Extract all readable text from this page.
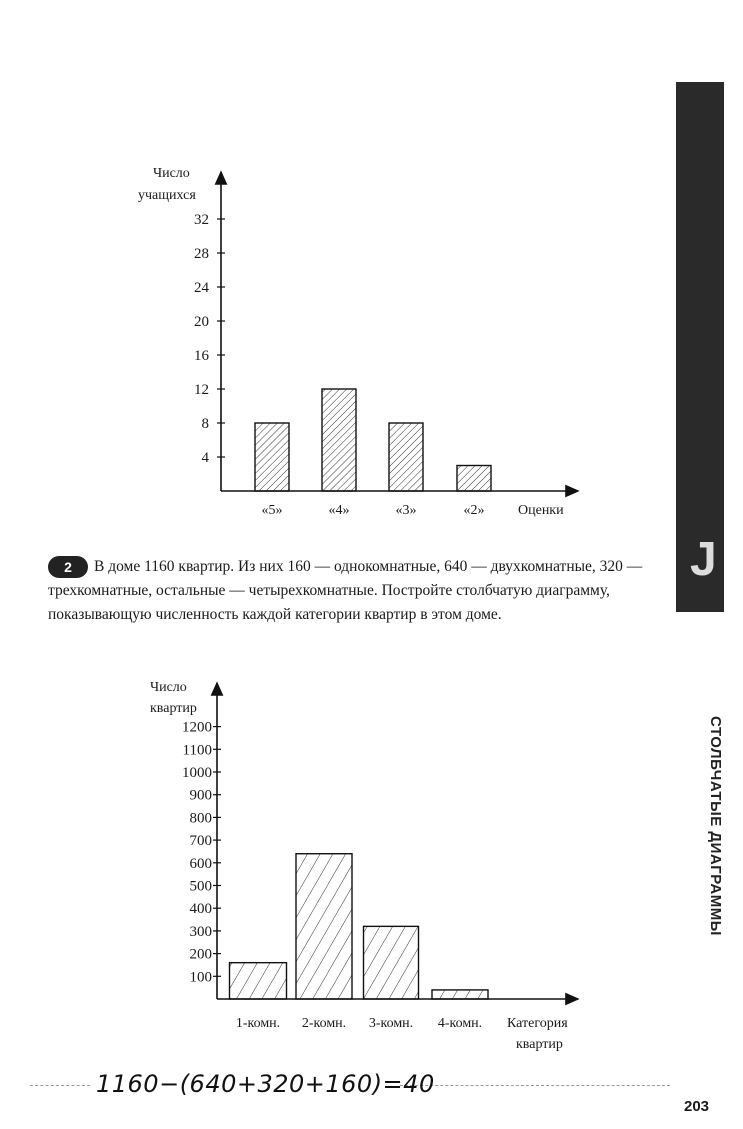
J
СТОЛБЧАТЫЕ ДИАГРАММЫ
Число
учащихся
Оценки
4
8
12
16
20
24
28
32
«5»	«4»	«3»	«2»
Число
квартир
Категория
квартир
100
200
300
400
500
600
700
800
900
1000
1100
1200
1-комн. 2-комн. 3-комн. 4-комн.
2 В доме 1160 квартир. Из них 160 — однокомнатные, 640 — двухкомнатные, 320 — трехкомнатные, остальные — четырехкомнатные. Постройте столбчатую диаграмму, показывающую численность каждой категории квартир в этом доме.
1160−(640+320+160)=40
203
